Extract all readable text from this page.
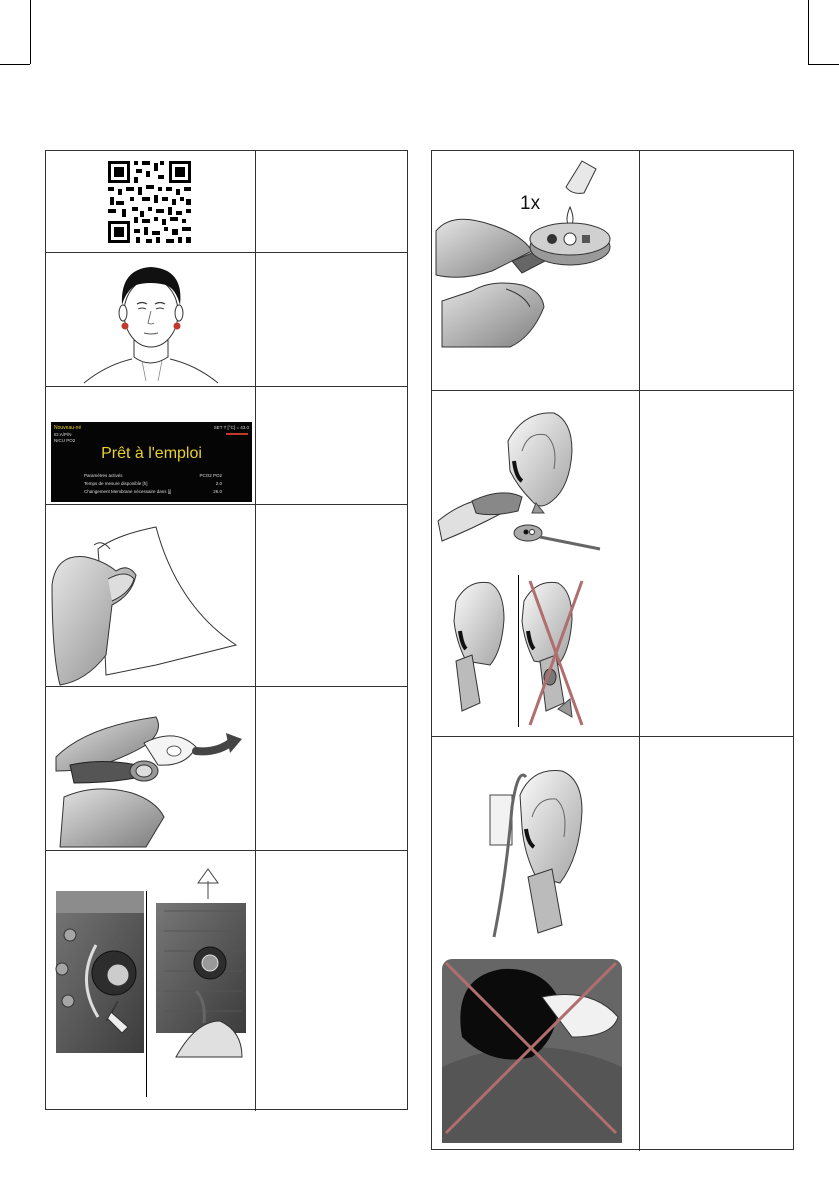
Nouveau-né
ID:A/P/N
NICU PO2
SET T [°C] = 43.0
Prêt à l'emploi
Paramètres activés	PCO2 PO2
Temps de mesure disponible [h]	2.0
Changement Membrane nécessaire dans [j]	26.0
1x
